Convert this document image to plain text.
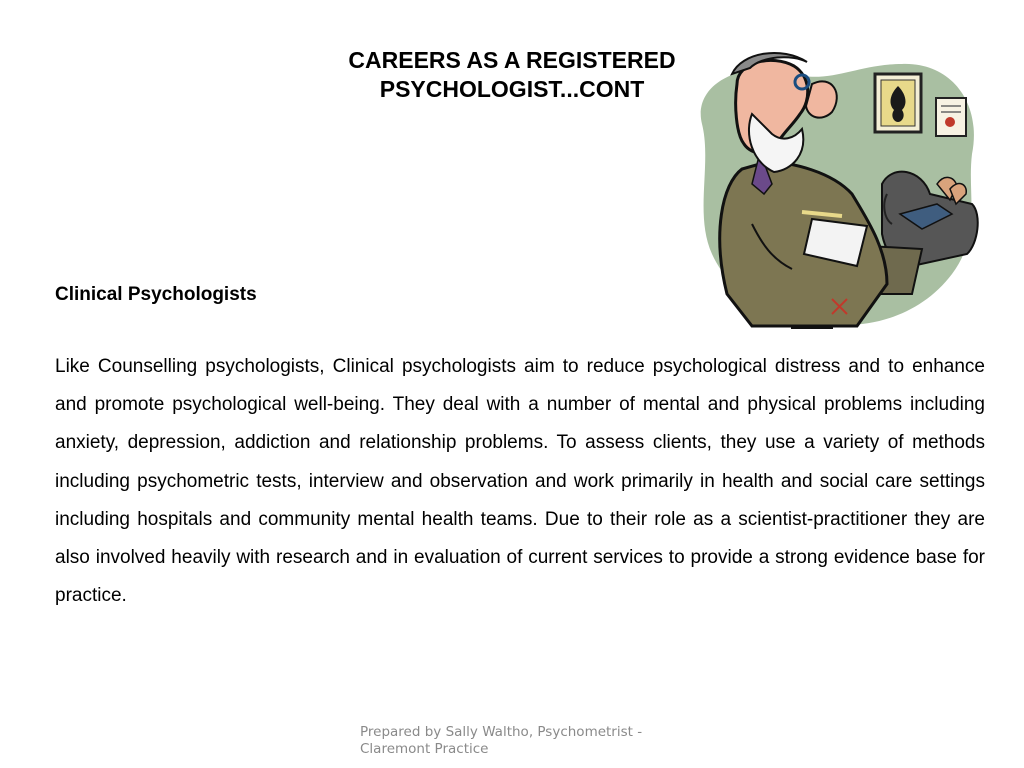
CAREERS AS A REGISTERED
PSYCHOLOGIST...CONT
Clinical Psychologists
Like Counselling psychologists, Clinical psychologists aim to reduce psychological distress and to enhance and promote psychological well-being. They deal with a number of mental and physical problems including anxiety, depression, addiction and relationship problems. To assess clients, they use a variety of methods including psychometric tests, interview and observation and work primarily in health and social care settings including hospitals and community mental health teams. Due to their role as a scientist-practitioner they are also involved heavily with research and in evaluation of current services to provide a strong evidence base for practice.
Prepared by Sally Waltho, Psychometrist - Claremont Practice
